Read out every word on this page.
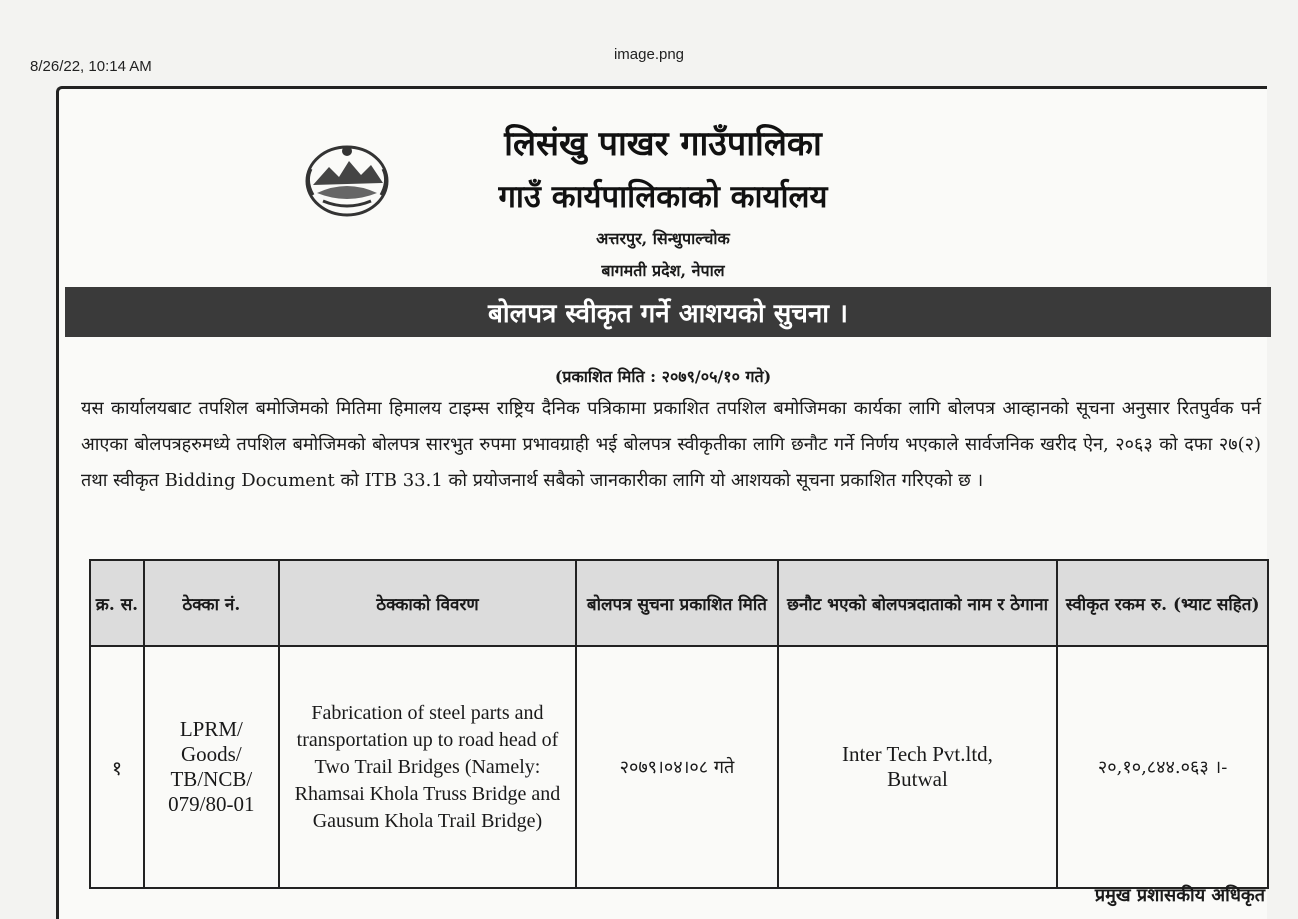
8/26/22, 10:14 AM
image.png
लिसंखु पाखर गाउँपालिका
गाउँ कार्यपालिकाको कार्यालय
अत्तरपुर, सिन्धुपाल्चोक
बागमती प्रदेश, नेपाल
बोलपत्र स्वीकृत गर्ने आशयको सुचना ।
(प्रकाशित मिति : २०७९/०५/१० गते)
यस कार्यालयबाट तपशिल बमोजिमको मितिमा हिमालय टाइम्स राष्ट्रिय दैनिक पत्रिकामा प्रकाशित तपशिल बमोजिमका कार्यका लागि बोलपत्र आव्हानको सूचना अनुसार रितपुर्वक पर्न आएका बोलपत्रहरुमध्ये तपशिल बमोजिमको बोलपत्र सारभुत रुपमा प्रभावग्राही भई बोलपत्र स्वीकृतीका लागि छनौट गर्ने निर्णय भएकाले सार्वजनिक खरीद ऐन, २०६३ को दफा २७(२) तथा स्वीकृत Bidding Document को ITB 33.1 को प्रयोजनार्थ सबैको जानकारीका लागि यो आशयको सूचना प्रकाशित गरिएको छ ।
क्र. स.	ठेक्का नं.	ठेक्काको विवरण	बोलपत्र सुचना प्रकाशित मिति	छनौट भएको बोलपत्रदाताको नाम र ठेगाना	स्वीकृत रकम रु. (भ्याट सहित)
१	LPRM/ Goods/ TB/NCB/ 079/80-01	Fabrication of steel parts and transportation up to road head of Two Trail Bridges (Namely: Rhamsai Khola Truss Bridge and Gausum Khola Trail Bridge)	२०७९।०४।०८ गते	Inter Tech Pvt.ltd, Butwal	२०,१०,८४४.०६३ ।-
प्रमुख प्रशासकीय अधिकृत
